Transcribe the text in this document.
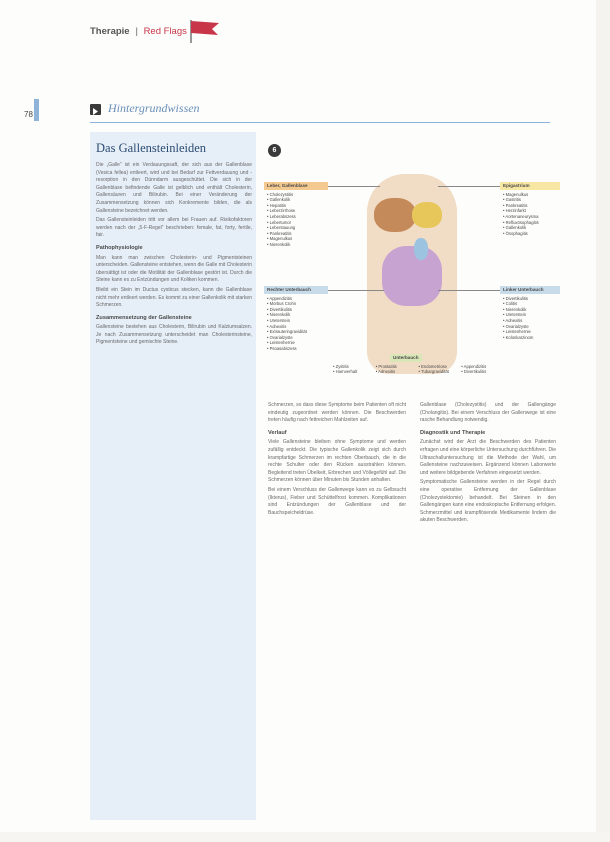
Therapie | Red Flags
78	Hintergrundwissen
Das Gallensteinleiden

Die „Galle“ ist ein Verdauungssaft, der sich aus der Gallenblase (Vesica fellea) entleert, wird und bei Bedarf zur Fettverdauung und -resorption in den Dünndarm ausgeschüttet. Die sich in der Gallenblase befindende Galle ist gelblich und enthält Cholesterin, Gallensäuren und Bilirubin. Bei einer Veränderung der Zusammensetzung können sich Konkremente bilden, die als Gallensteine bezeichnet werden.

Das Gallensteinleiden tritt vor allem bei Frauen auf. Risikofaktoren werden nach der „5-F-Regel“ beschrieben: female, fat, forty, fertile, fair.

Pathophysiologie

Man kann man zwischen Cholesterin- und Pigmentsteinen unterscheiden. Gallensteine entstehen, wenn die Galle mit Cholesterin übersättigt ist oder die Motilität der Gallenblase gestört ist. Durch die Steine kann es zu Entzündungen und Koliken kommen.

Bleibt ein Stein im Ductus cysticus stecken, kann die Gallenblase nicht mehr entleert werden. Es kommt zu einer Gallenkolik mit starken Schmerzen.

Zusammensetzung der Gallensteine

Gallensteine bestehen aus Cholesterin, Bilirubin und Kalziumsalzen. Je nach Zusammensetzung unterscheidet man Cholesterinsteine, Pigmentsteine und gemischte Steine.

6
Leber, Gallenblase
• Cholezystitis
• Gallenkolik
• Hepatitis
• Leberzirrhose
• Leberabszess
• Lebertumor
• Leberstauung
• Pankreatitis
• Magenulkus
• Nierenkolik
Epigastrium
• Magenulkus
• Gastritis
• Pankreatitis
• Herzinfarkt
• Aortenaneurysma
• Refluxösophagitis
• Gallenkolik
• Ösophagitis
Rechter Unterbauch
• Appendizitis
• Morbus Crohn
• Divertikulitis
• Nierenkolik
• Ureterstein
• Adnexitis
• Extrauteringravidität
• Ovarialzyste
• Leistenhernie
• Psoasabszess
Linker Unterbauch
• Divertikulitis
• Colitis
• Nierenkolik
• Ureterstein
• Adnexitis
• Ovarialzyste
• Leistenhernie
• Kolonkarzinom
Unterbauch
• Zystitis
• Harnverhalt
• Prostatitis
• Adnexitis
• Endometriose
• Tubargravidität
• Appendizitis
• Divertikulitis

Schmerzen, so dass diese Symptome beim Patienten oft nicht eindeutig zugeordnet werden können. Die Beschwerden treten häufig nach fettreichen Mahlzeiten auf.

Verlauf

Viele Gallensteine bleiben ohne Symptome und werden zufällig entdeckt. Die typische Gallenkolik zeigt sich durch krampfartige Schmerzen im rechten Oberbauch, die in die rechte Schulter oder den Rücken ausstrahlen können. Begleitend treten Übelkeit, Erbrechen und Völlegefühl auf. Die Schmerzen können über Minuten bis Stunden anhalten.

Bei einem Verschluss der Gallenwege kann es zu Gelbsucht (Ikterus), Fieber und Schüttelfrost kommen. Komplikationen sind Entzündungen der Gallenblase und der Bauchspeicheldrüse.

Gallenblase (Cholezystitis) und der Gallengänge (Cholangitis). Bei einem Verschluss der Gallenwege ist eine rasche Behandlung notwendig.

Diagnostik und Therapie

Zunächst wird der Arzt die Beschwerden des Patienten erfragen und eine körperliche Untersuchung durchführen. Die Ultraschalluntersuchung ist die Methode der Wahl, um Gallensteine nachzuweisen. Ergänzend können Laborwerte und weitere bildgebende Verfahren eingesetzt werden.

Symptomatische Gallensteine werden in der Regel durch eine operative Entfernung der Gallenblase (Cholezystektomie) behandelt. Bei Steinen in den Gallengängen kann eine endoskopische Entfernung erfolgen. Schmerzmittel und krampflösende Medikamente lindern die akuten Beschwerden.
